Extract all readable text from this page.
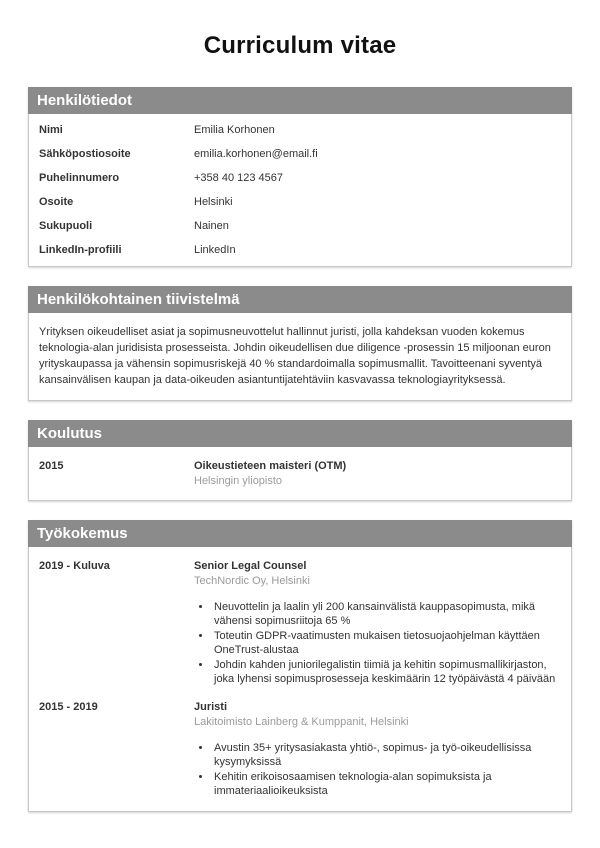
Curriculum vitae
Henkilötiedot
Nimi	Emilia Korhonen
Sähköpostiosoite	emilia.korhonen@email.fi
Puhelinnumero	+358 40 123 4567
Osoite	Helsinki
Sukupuoli	Nainen
LinkedIn-profiili	LinkedIn
Henkilökohtainen tiivistelmä
Yrityksen oikeudelliset asiat ja sopimusneuvottelut hallinnut juristi, jolla kahdeksan vuoden kokemus teknologia-alan juridisista prosesseista. Johdin oikeudellisen due diligence -prosessin 15 miljoonan euron yrityskaupassa ja vähensin sopimusriskejä 40 % standardoimalla sopimusmallit. Tavoitteenani syventyä kansainvälisen kaupan ja data-oikeuden asiantuntijatehtäviin kasvavassa teknologiayrityksessä.
Koulutus
2015	Oikeustieteen maisteri (OTM)
Helsingin yliopisto
Työkokemus
2019 - Kuluva	Senior Legal Counsel
TechNordic Oy, Helsinki
• Neuvottelin ja laalin yli 200 kansainvälistä kauppasopimusta, mikä vähensi sopimusriitoja 65 %
• Toteutin GDPR-vaatimusten mukaisen tietosuojaohjelman käyttäen OneTrust-alustaa
• Johdin kahden juniorilegalistin tiimiä ja kehitin sopimusmallikirjaston, joka lyhensi sopimusprosesseja keskimäärin 12 työpäivästä 4 päivään
2015 - 2019	Juristi
Lakitoimisto Lainberg & Kumppanit, Helsinki
• Avustin 35+ yritysasiakasta yhtiö-, sopimus- ja työ-oikeudellisissa kysymyksissä
• Kehitin erikoisosaamisen teknologia-alan sopimuksista ja immateriaalioikeuksista
